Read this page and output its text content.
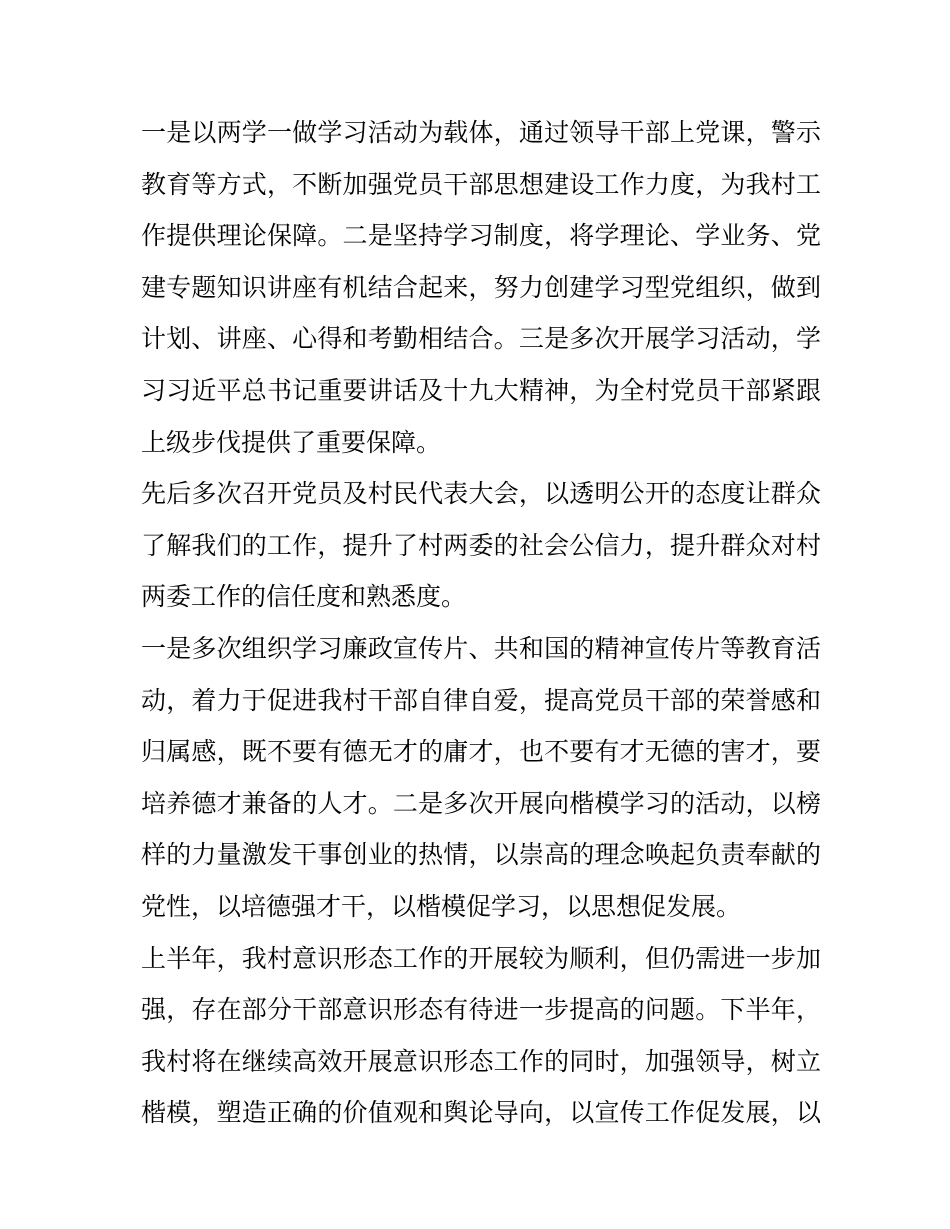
一是以两学一做学习活动为载体，通过领导干部上党课，警示
教育等方式，不断加强党员干部思想建设工作力度，为我村工
作提供理论保障。二是坚持学习制度，将学理论、学业务、党
建专题知识讲座有机结合起来，努力创建学习型党组织，做到
计划、讲座、心得和考勤相结合。三是多次开展学习活动，学
习习近平总书记重要讲话及十九大精神，为全村党员干部紧跟
上级步伐提供了重要保障。

先后多次召开党员及村民代表大会，以透明公开的态度让群众
了解我们的工作，提升了村两委的社会公信力，提升群众对村
两委工作的信任度和熟悉度。

一是多次组织学习廉政宣传片、共和国的精神宣传片等教育活
动，着力于促进我村干部自律自爱，提高党员干部的荣誉感和
归属感，既不要有德无才的庸才，也不要有才无德的害才，要
培养德才兼备的人才。二是多次开展向楷模学习的活动，以榜
样的力量激发干事创业的热情，以崇高的理念唤起负责奉献的
党性，以培德强才干，以楷模促学习，以思想促发展。

上半年，我村意识形态工作的开展较为顺利，但仍需进一步加
强，存在部分干部意识形态有待进一步提高的问题。下半年，
我村将在继续高效开展意识形态工作的同时，加强领导，树立
楷模，塑造正确的价值观和舆论导向，以宣传工作促发展，以
